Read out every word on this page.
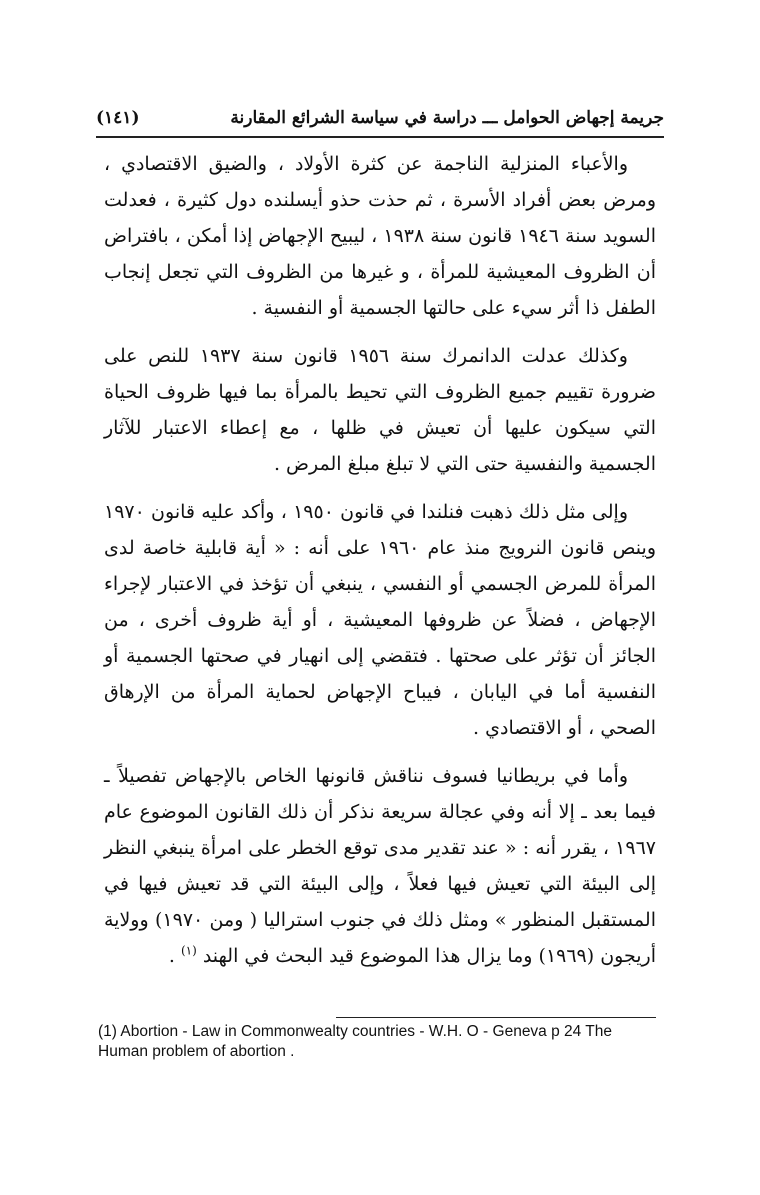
جريمة إجهاض الحوامل ـــ دراسة في سياسة الشرائع المقارنة
(١٤١)

والأعباء المنزلية الناجمة عن كثرة الأولاد ، والضيق الاقتصادي ، ومرض بعض أفراد الأسرة ، ثم حذت حذو أيسلنده دول كثيرة ، فعدلت السويد سنة ١٩٤٦ قانون سنة ١٩٣٨ ، ليبيح الإجهاض إذا أمكن ، بافتراض أن الظروف المعيشية للمرأة ، و غيرها من الظروف التي تجعل إنجاب الطفل ذا أثر سيء على حالتها الجسمية أو النفسية .

وكذلك عدلت الدانمرك سنة ١٩٥٦ قانون سنة ١٩٣٧ للنص على ضرورة تقييم جميع الظروف التي تحيط بالمرأة بما فيها ظروف الحياة التي سيكون عليها أن تعيش في ظلها ، مع إعطاء الاعتبار للآثار الجسمية والنفسية حتى التي لا تبلغ مبلغ المرض .

وإلى مثل ذلك ذهبت فنلندا في قانون ١٩٥٠ ، وأكد عليه قانون ١٩٧٠ وينص قانون النرويج منذ عام ١٩٦٠ على أنه : « أية قابلية خاصة لدى المرأة للمرض الجسمي أو النفسي ، ينبغي أن تؤخذ في الاعتبار لإجراء الإجهاض ، فضلاً عن ظروفها المعيشية ، أو أية ظروف أخرى ، من الجائز أن تؤثر على صحتها . فتقضي إلى انهيار في صحتها الجسمية أو النفسية أما في اليابان ، فيباح الإجهاض لحماية المرأة من الإرهاق الصحي ، أو الاقتصادي .

وأما في بريطانيا فسوف نناقش قانونها الخاص بالإجهاض تفصيلاً ـ فيما بعد ـ إلا أنه وفي عجالة سريعة نذكر أن ذلك القانون الموضوع عام ١٩٦٧ ، يقرر أنه : « عند تقدير مدى توقع الخطر على امرأة ينبغي النظر إلى البيئة التي تعيش فيها فعلاً ، وإلى البيئة التي قد تعيش فيها في المستقبل المنظور » ومثل ذلك في جنوب استراليا ( ومن ١٩٧٠) وولاية أريجون (١٩٦٩) وما يزال هذا الموضوع قيد البحث في الهند $^{(١)}$ .

(1) Abortion - Law in Commonwealty countries - W.H. O - Geneva p 24 The Human problem of abortion .
